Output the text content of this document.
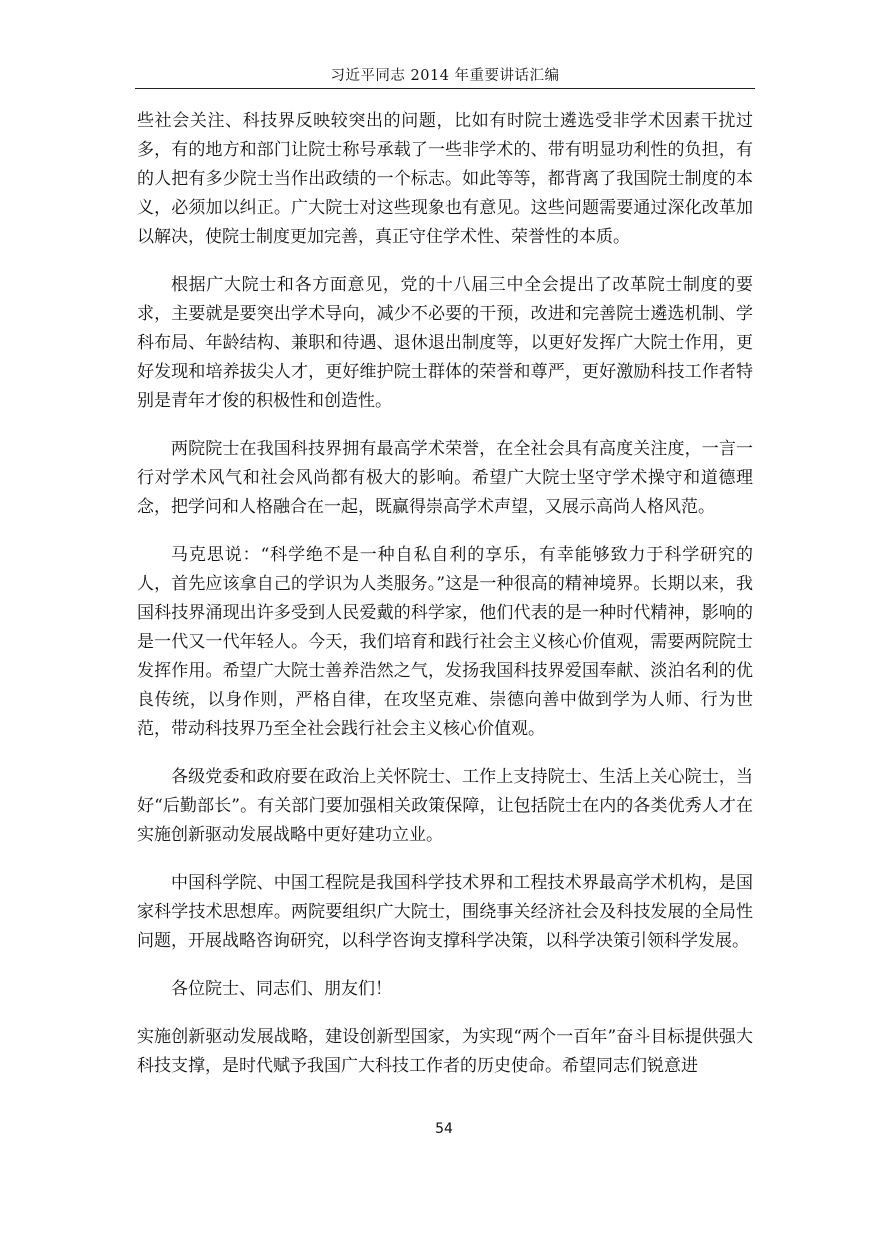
习近平同志 2014 年重要讲话汇编

些社会关注、科技界反映较突出的问题，比如有时院士遴选受非学术因素干扰过多，有的地方和部门让院士称号承载了一些非学术的、带有明显功利性的负担，有的人把有多少院士当作出政绩的一个标志。如此等等，都背离了我国院士制度的本义，必须加以纠正。广大院士对这些现象也有意见。这些问题需要通过深化改革加以解决，使院士制度更加完善，真正守住学术性、荣誉性的本质。

根据广大院士和各方面意见，党的十八届三中全会提出了改革院士制度的要求，主要就是要突出学术导向，减少不必要的干预，改进和完善院士遴选机制、学科布局、年龄结构、兼职和待遇、退休退出制度等，以更好发挥广大院士作用，更好发现和培养拔尖人才，更好维护院士群体的荣誉和尊严，更好激励科技工作者特别是青年才俊的积极性和创造性。

两院院士在我国科技界拥有最高学术荣誉，在全社会具有高度关注度，一言一行对学术风气和社会风尚都有极大的影响。希望广大院士坚守学术操守和道德理念，把学问和人格融合在一起，既赢得崇高学术声望，又展示高尚人格风范。

马克思说：“科学绝不是一种自私自利的享乐，有幸能够致力于科学研究的人，首先应该拿自己的学识为人类服务。”这是一种很高的精神境界。长期以来，我国科技界涌现出许多受到人民爱戴的科学家，他们代表的是一种时代精神，影响的是一代又一代年轻人。今天，我们培育和践行社会主义核心价值观，需要两院院士发挥作用。希望广大院士善养浩然之气，发扬我国科技界爱国奉献、淡泊名利的优良传统，以身作则，严格自律，在攻坚克难、崇德向善中做到学为人师、行为世范，带动科技界乃至全社会践行社会主义核心价值观。

各级党委和政府要在政治上关怀院士、工作上支持院士、生活上关心院士，当好“后勤部长”。有关部门要加强相关政策保障，让包括院士在内的各类优秀人才在实施创新驱动发展战略中更好建功立业。

中国科学院、中国工程院是我国科学技术界和工程技术界最高学术机构，是国家科学技术思想库。两院要组织广大院士，围绕事关经济社会及科技发展的全局性问题，开展战略咨询研究，以科学咨询支撑科学决策，以科学决策引领科学发展。

各位院士、同志们、朋友们！

实施创新驱动发展战略，建设创新型国家，为实现“两个一百年”奋斗目标提供强大科技支撑，是时代赋予我国广大科技工作者的历史使命。希望同志们锐意进

54
